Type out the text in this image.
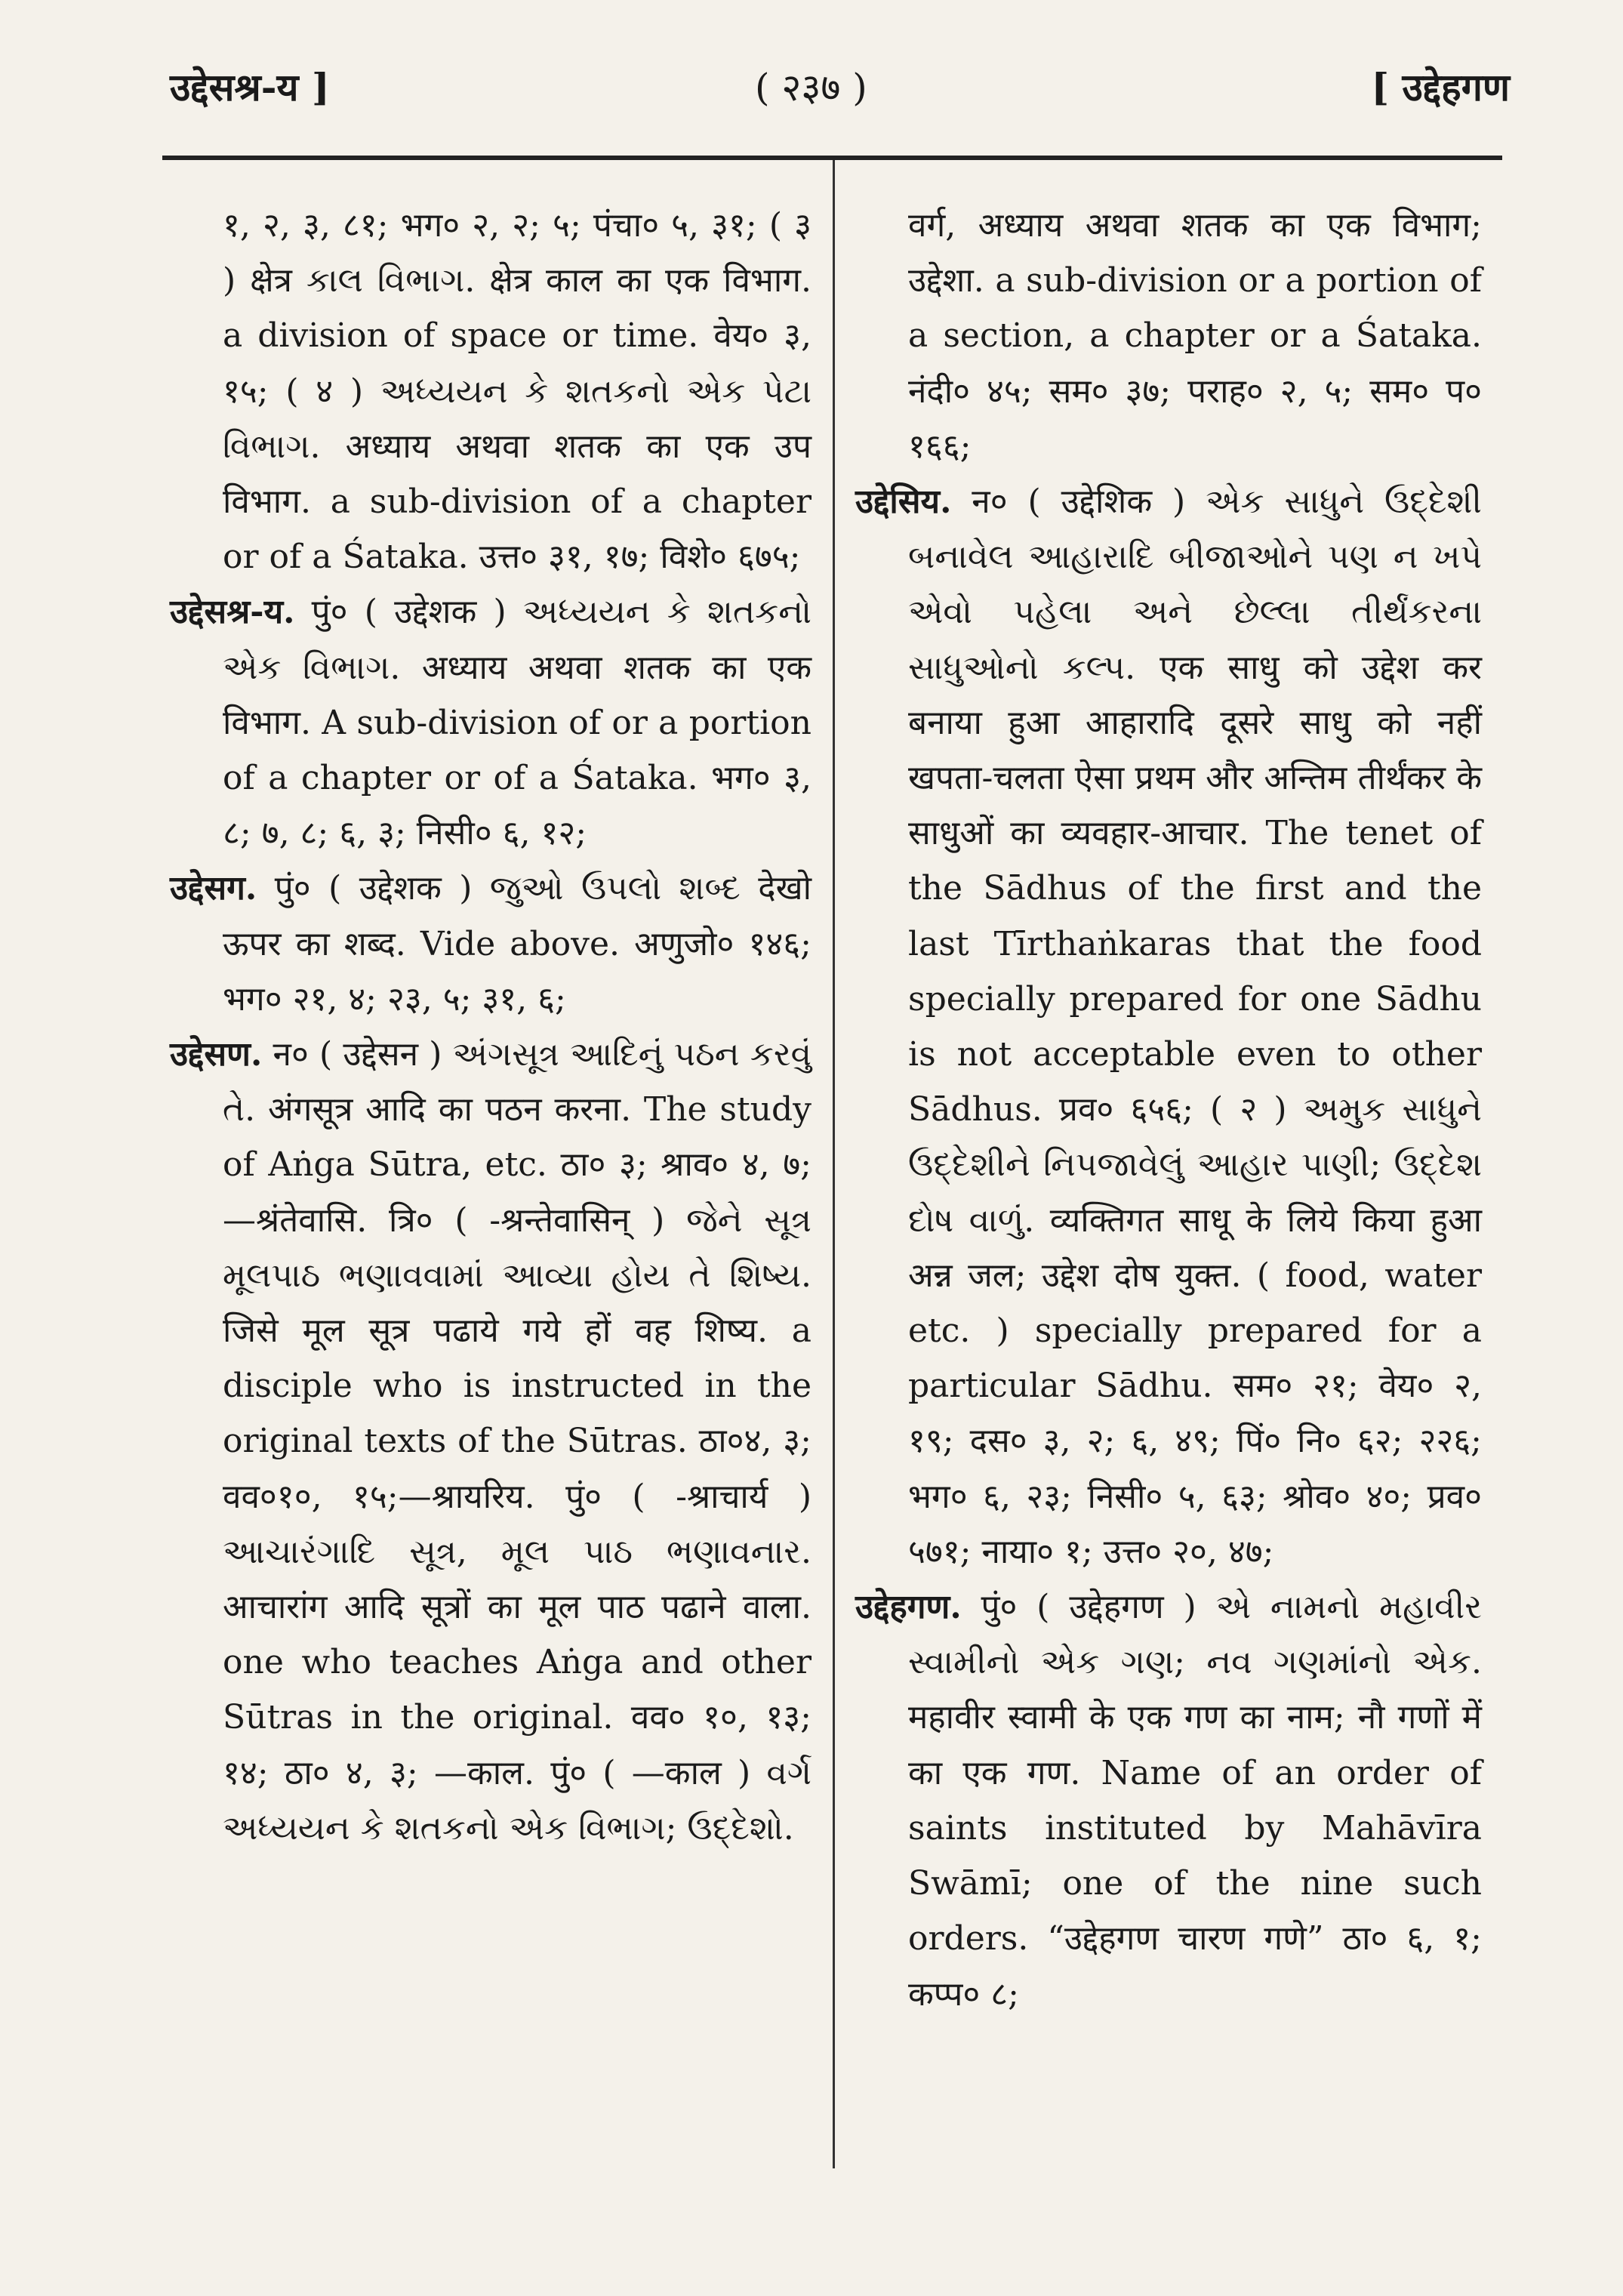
उद्देसश्र-य ]	( २३७ )	[ उद्देहगण

१, २, ३, ८१; भग० २, २; ५; पंचा० ५, ३१; ( ३ ) क्षेत्र કાલ વિભાગ. क्षेत्र काल का एक विभाग. a division of space or time. वेय० ३, १५; ( ४ ) અધ્યયન કે શતકનો એક પેટા વિભાગ. अध्याय अथवा शतक का एक उप विभाग. a sub-division of a chapter or of a Śataka. उत्त० ३१, १७; विशे० ६७५;

उद्देसश्र-य. पुं० ( उद्देशक ) અધ્યયન કે શતકનો એક વિભાગ. अध्याय अथवा शतक का एक विभाग. A sub-division of or a portion of a chapter or of a Śataka. भग० ३, ८; ७, ८; ६, ३; निसी० ६, १२;

उद्देसग. पुं० ( उद्देशक ) જુઓ ઉપલો શબ્દ देखो ऊपर का शब्द. Vide above. अणुजो० १४६; भग० २१, ४; २३, ५; ३१, ६;

उद्देसण. न० ( उद्देसन ) અંગસૂત્ર આદિનું પઠન કરવું તે. अंगसूत्र आदि का पठन करना. The study of Aṅga Sūtra, etc. ठा० ३; श्राव० ४, ७; —श्रंतेवासि. त्रि० ( -श्रन्तेवासिन् ) જેને સૂત્ર મૂલપાઠ ભણાવવામાં આવ્યા હોય તે શિષ્ય. जिसे मूल सूत्र पढाये गये हों वह शिष्य. a disciple who is instructed in the original texts of the Sūtras. ठा०४, ३; वव०१०, १५;—श्रायरिय. पुं० ( -श्राचार्य ) આચારંગાદિ સૂત્ર, મૂલ પાઠ ભણાવનાર. आचारांग आदि सूत्रों का मूल पाठ पढाने वाला. one who teaches Aṅga and other Sūtras in the original. वव० १०, १३; १४; ठा० ४, ३; —काल. पुं० ( —काल ) વર્ગ અધ્યયન કે શતકનો એક વિભાગ; ઉદ્દેશો.

वर्ग, अध्याय अथवा शतक का एक विभाग; उद्देशा. a sub-division or a portion of a section, a chapter or a Śataka. नंदी० ४५; सम० ३७; पराह० २, ५; सम० प० १६६;

उद्देसिय. न० ( उद्देशिक ) એક સાધુને ઉદ્દેશી બનાવેલ આહારાદિ બીજાઓને પણ ન ખપે એવો પહેલા અને છેલ્લા તીર્થંકરના સાધુઓનો કલ્પ. एक साधु को उद्देश कर बनाया हुआ आहारादि दूसरे साधु को नहीं खपता-चलता ऐसा प्रथम और अन्तिम तीर्थंकर के साधुओं का व्यवहार-आचार. The tenet of the Sādhus of the first and the last Tīrthaṅkaras that the food specially prepared for one Sādhu is not acceptable even to other Sādhus. प्रव० ६५६; ( २ ) અમુક સાધુને ઉદ્દેશીને નિપજાવેલું આહાર પાણી; ઉદ્દેશ દોષ વાળું. व्यक्तिगत साधू के लिये किया हुआ अन्न जल; उद्देश दोष युक्त. ( food, water etc. ) specially prepared for a particular Sādhu. सम० २१; वेय० २, १९; दस० ३, २; ६, ४९; पिं० नि० ६२; २२६; भग० ६, २३; निसी० ५, ६३; श्रोव० ४०; प्रव० ५७१; नाया० १; उत्त० २०, ४७;

उद्देहगण. पुं० ( उद्देहगण ) એ નામનો મહાવીર સ્વામીનો એક ગણ; નવ ગણમાંનો એક. महावीर स्वामी के एक गण का नाम; नौ गणों में का एक गण. Name of an order of saints instituted by Mahāvīra Swāmī; one of the nine such orders. “उद्देहगण चारण गणे” ठा० ६, १; कप्प० ८;
